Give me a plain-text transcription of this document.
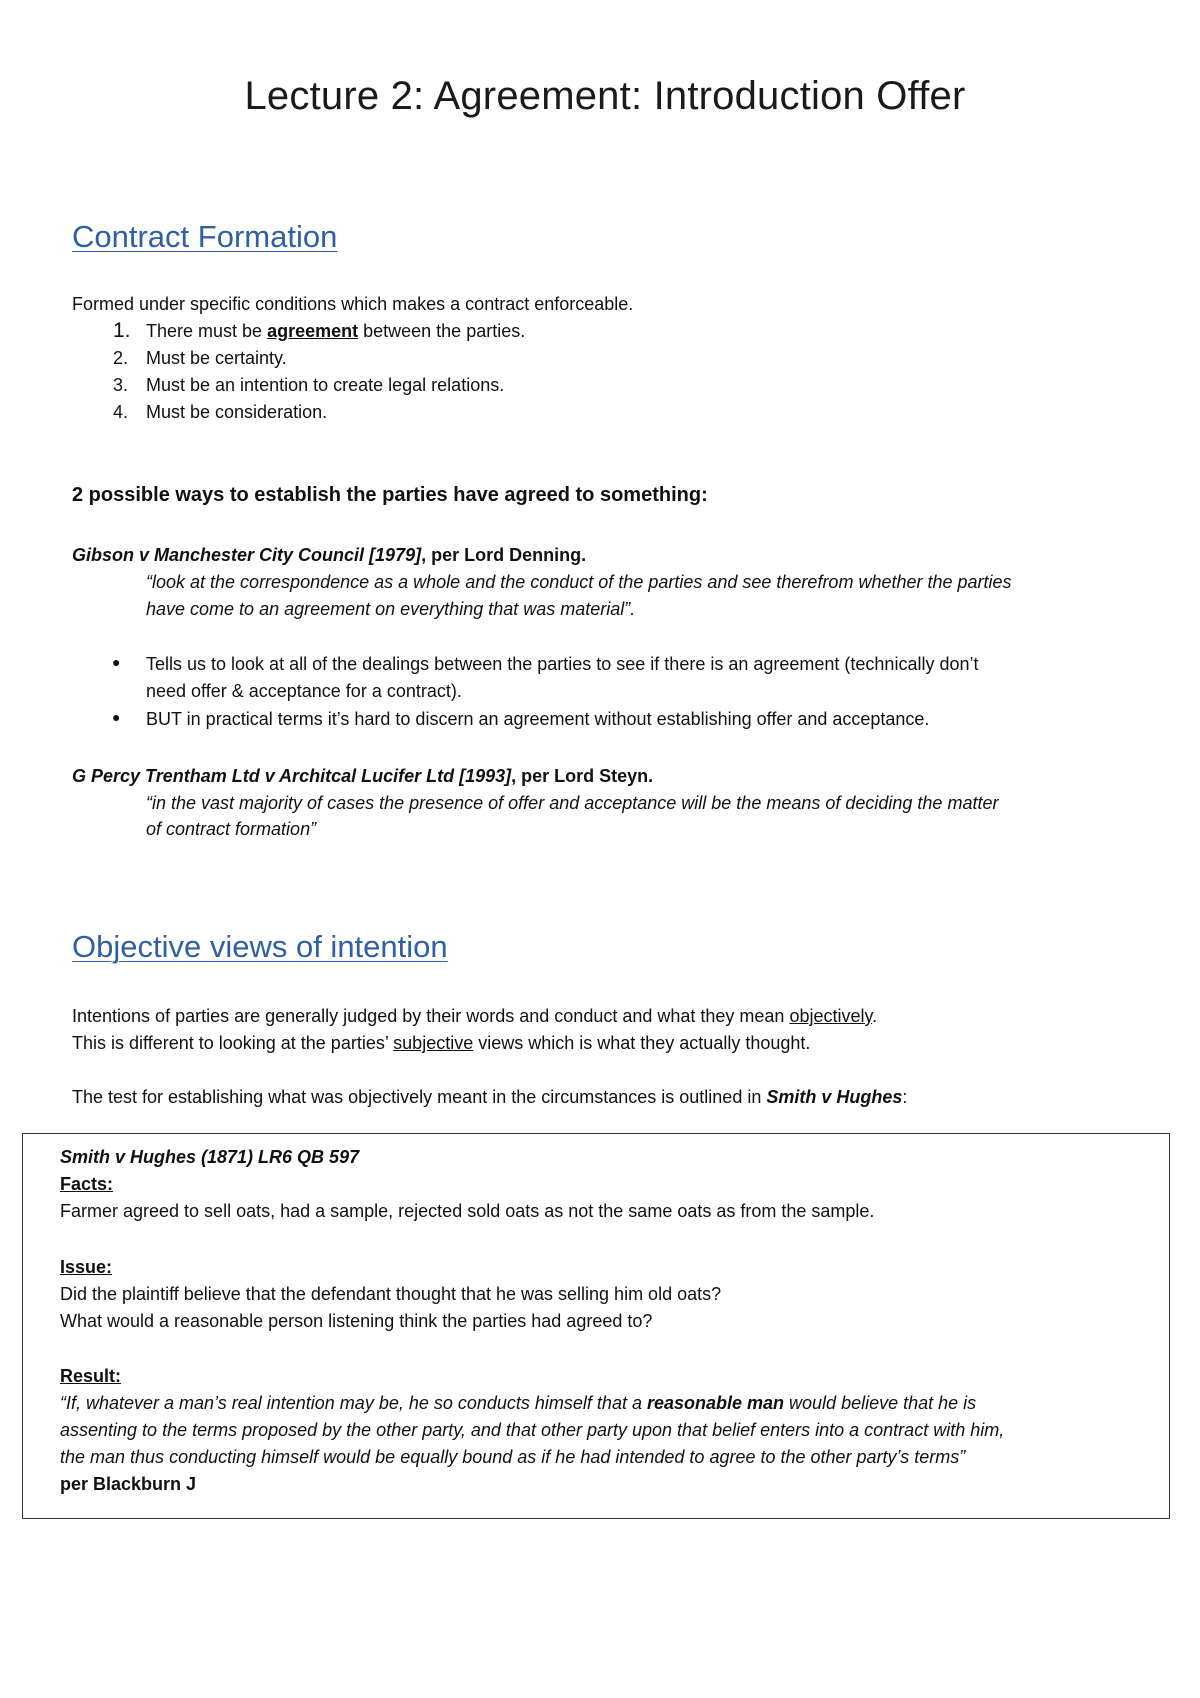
Lecture 2: Agreement: Introduction Offer
Contract Formation

Formed under specific conditions which makes a contract enforceable.

1. There must be agreement between the parties.
2. Must be certainty.
3. Must be an intention to create legal relations.
4. Must be consideration.
2 possible ways to establish the parties have agreed to something:

Gibson v Manchester City Council [1979], per Lord Denning.

“look at the correspondence as a whole and the conduct of the parties and see therefrom whether the parties

have come to an agreement on everything that was material”.

● Tells us to look at all of the dealings between the parties to see if there is an agreement (technically don’t
need offer & acceptance for a contract).
● BUT in practical terms it’s hard to discern an agreement without establishing offer and acceptance.

G Percy Trentham Ltd v Architcal Lucifer Ltd [1993], per Lord Steyn.

“in the vast majority of cases the presence of offer and acceptance will be the means of deciding the matter

of contract formation”

Objective views of intention

Intentions of parties are generally judged by their words and conduct and what they mean objectively.

This is different to looking at the parties’ subjective views which is what they actually thought.

The test for establishing what was objectively meant in the circumstances is outlined in Smith v Hughes:

Smith v Hughes (1871) LR6 QB 597
Facts:
Farmer agreed to sell oats, had a sample, rejected sold oats as not the same oats as from the sample.
Issue:
Did the plaintiff believe that the defendant thought that he was selling him old oats?
What would a reasonable person listening think the parties had agreed to?
Result:
“If, whatever a man’s real intention may be, he so conducts himself that a reasonable man would believe that he is
assenting to the terms proposed by the other party, and that other party upon that belief enters into a contract with him,
the man thus conducting himself would be equally bound as if he had intended to agree to the other party’s terms”
per Blackburn J
